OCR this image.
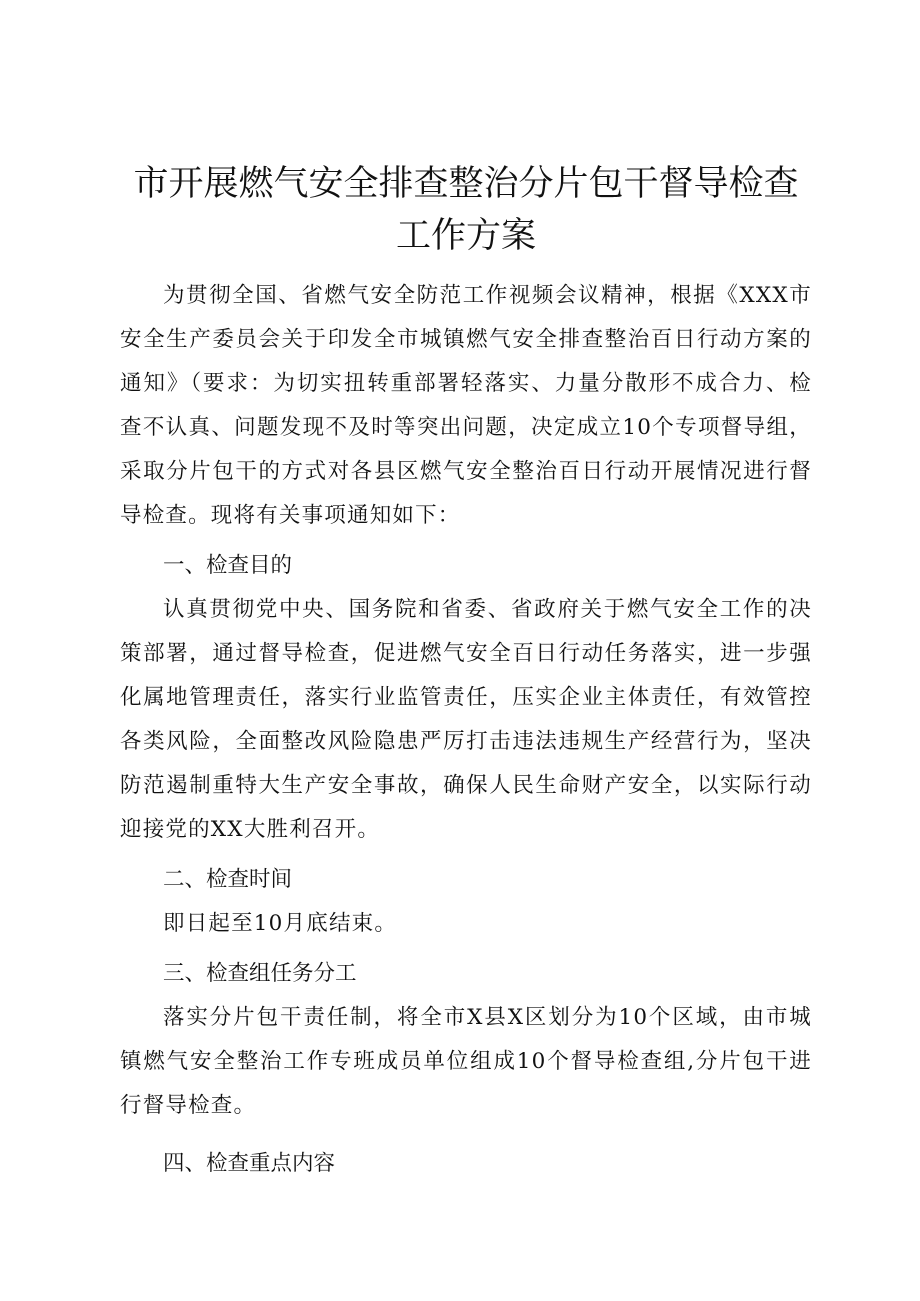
市开展燃气安全排查整治分片包干督导检查工作方案

为贯彻全国、省燃气安全防范工作视频会议精神，根据《XXX市安全生产委员会关于印发全市城镇燃气安全排查整治百日行动方案的通知》（要求：为切实扭转重部署轻落实、力量分散形不成合力、检查不认真、问题发现不及时等突出问题，决定成立10个专项督导组，采取分片包干的方式对各县区燃气安全整治百日行动开展情况进行督导检查。现将有关事项通知如下：

一、检查目的

认真贯彻党中央、国务院和省委、省政府关于燃气安全工作的决策部署，通过督导检查，促进燃气安全百日行动任务落实，进一步强化属地管理责任，落实行业监管责任，压实企业主体责任，有效管控各类风险，全面整改风险隐患严厉打击违法违规生产经营行为，坚决防范遏制重特大生产安全事故，确保人民生命财产安全，以实际行动迎接党的XX大胜利召开。

二、检查时间

即日起至10月底结束。

三、检查组任务分工

落实分片包干责任制，将全市X县X区划分为10个区域，由市城镇燃气安全整治工作专班成员单位组成10个督导检查组,分片包干进行督导检查。

四、检查重点内容
